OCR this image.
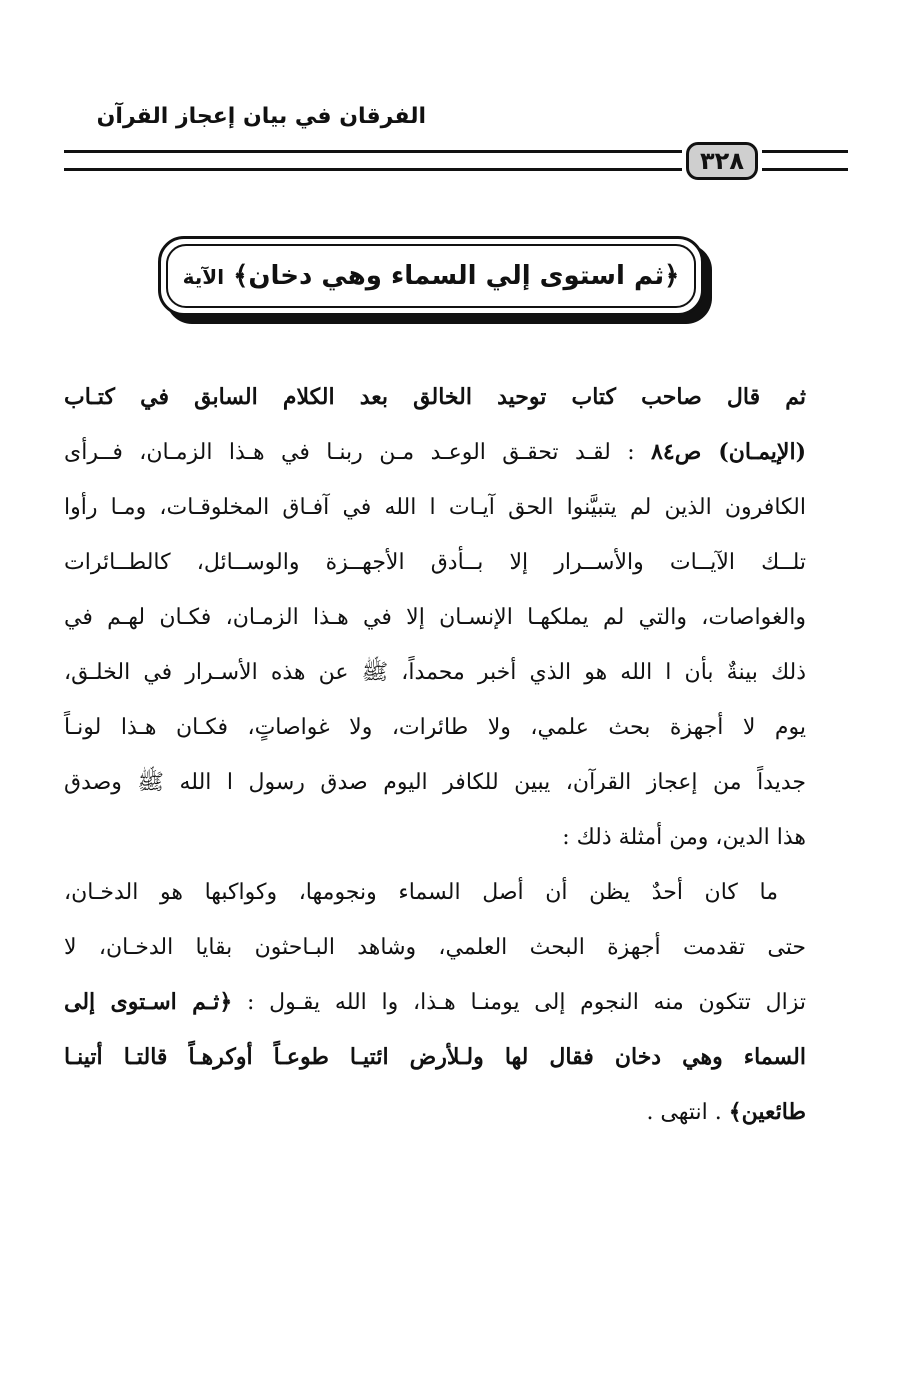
الفرقان في بيان إعجاز القرآن
٣٢٨
﴿ثم استوى إلي السماء وهي دخان﴾ الآية
ثم قال صاحب كتاب توحيد الخالق بعد الكلام السابق في كتـاب
(الإيمـان) ص٨٤ : لقـد تحقـق الوعـد مـن ربنـا في هـذا الزمـان، فــرأى
الكافرون الذين لم يتبيَّنوا الحق آيـات ا الله في آفـاق المخلوقـات، ومـا رأوا
تلــك الآيــات والأســرار إلا بــأدق الأجهــزة والوســائل، كالطــائرات
والغواصات، والتي لم يملكهـا الإنسـان إلا في هـذا الزمـان، فكـان لهـم في
ذلك بينةٌ بأن ا الله هو الذي أخبر محمداً، ﷺ عن هذه الأسـرار في الخلـق،
يوم لا أجهزة بحث علمي، ولا طائرات، ولا غواصاتٍ، فكـان هـذا لونـاً
جديداً من إعجاز القرآن، يبين للكافر اليوم صدق رسول ا الله ﷺ وصدق
هذا الدين، ومن أمثلة ذلك :
ما كان أحدٌ يظن أن أصل السماء ونجومها، وكواكبها هو الدخـان،
حتى تقدمت أجهزة البحث العلمي، وشاهد البـاحثون بقايا الدخـان، لا
تزال تتكون منه النجوم إلى يومنـا هـذا، وا الله يقـول : ﴿ثـم اسـتوى إلى
السماء وهي دخان فقال لها ولـلأرض ائتيـا طوعـاً أوكرهـاً قالتـا أتينـا
طائعين﴾ . انتهى .
